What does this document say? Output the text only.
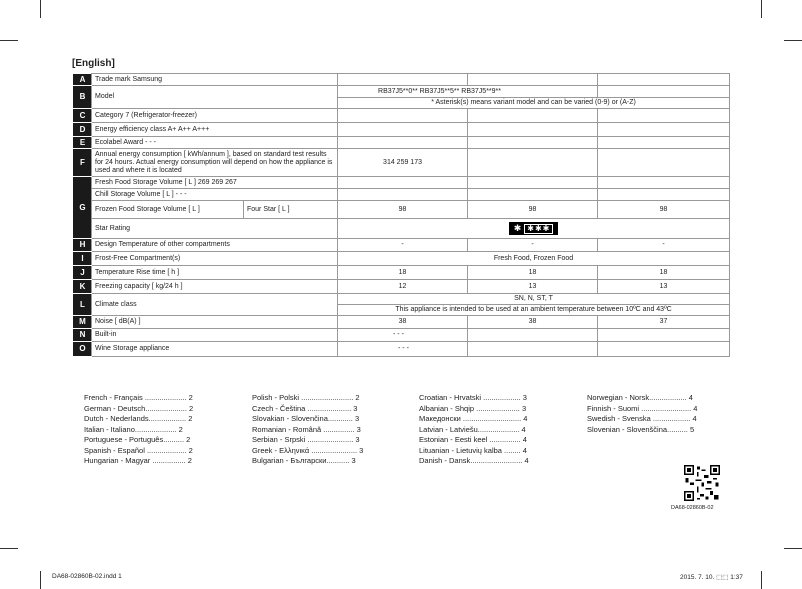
[English]
A	Trade mark Samsung				
B	Model		RB37J5**0** RB37J5**5** RB37J5**9**		
			* Asterisk(s) means variant model and can be varied (0-9) or (A-Z)		
C	Category 7 (Refrigerator-freezer)				
D	Energy efficiency class A+ A++ A+++				
E	Ecolabel Award - - -				
F	Annual energy consumption [ kWh/annum ], based on standard test results for 24 hours. Actual energy consumption will depend on how the appliance is used and where it is located		314 259 173		
G	Fresh Food Storage Volume [ L ] 269 269 267				
	Chill Storage Volume [ L ] - - -				
	Frozen Food Storage Volume [ L ]	Four Star [ L ]	98	98	98
	Star Rating		✱ ✱✱✱		
H	Design Temperature of other compartments		-	-	-
I	Frost-Free Compartment(s)		Fresh Food, Frozen Food		
J	Temperature Rise time [ h ]		18	18	18
K	Freezing capacity [ kg/24 h ]		12	13	13
L	Climate class		SN, N, ST, T		
			This appliance is intended to be used at an ambient temperature between 10ºC and 43ºC		
M	Noise [ dB(A) ]		38	38	37
N	Built-in		- - -		
O	Wine Storage appliance		- - -		
French - Français .................... 2
German - Deutsch.................... 2
Dutch - Nederlands.................. 2
Italian - Italiano.................... 2
Portuguese - Português.......... 2
Spanish - Español ................... 2
Hungarian - Magyar ................ 2
Polish - Polski ......................... 2
Czech - Čeština ..................... 3
Slovakian - Slovenčina............ 3
Romanian - Română ............... 3
Serbian - Srpski ...................... 3
Greek - Ελληνικά ...................... 3
Bulgarian - Български........... 3
Croatian - Hrvatski .................. 3
Albanian - Shqip ..................... 3
Македонски ............................ 4
Latvian - Latviešu.................... 4
Estonian - Eesti keel ............... 4
Lituanian - Lietuvių kalba ........ 4
Danish - Dansk......................... 4
Norwegian - Norsk.................. 4
Finnish - Suomi ........................ 4
Swedish - Svenska .................. 4
Slovenian - Slovenščina.......... 5
DA68-02860B-02
DA68-02860B-02.indd 1	2015. 7. 10. ⬚⬚ 1:37
